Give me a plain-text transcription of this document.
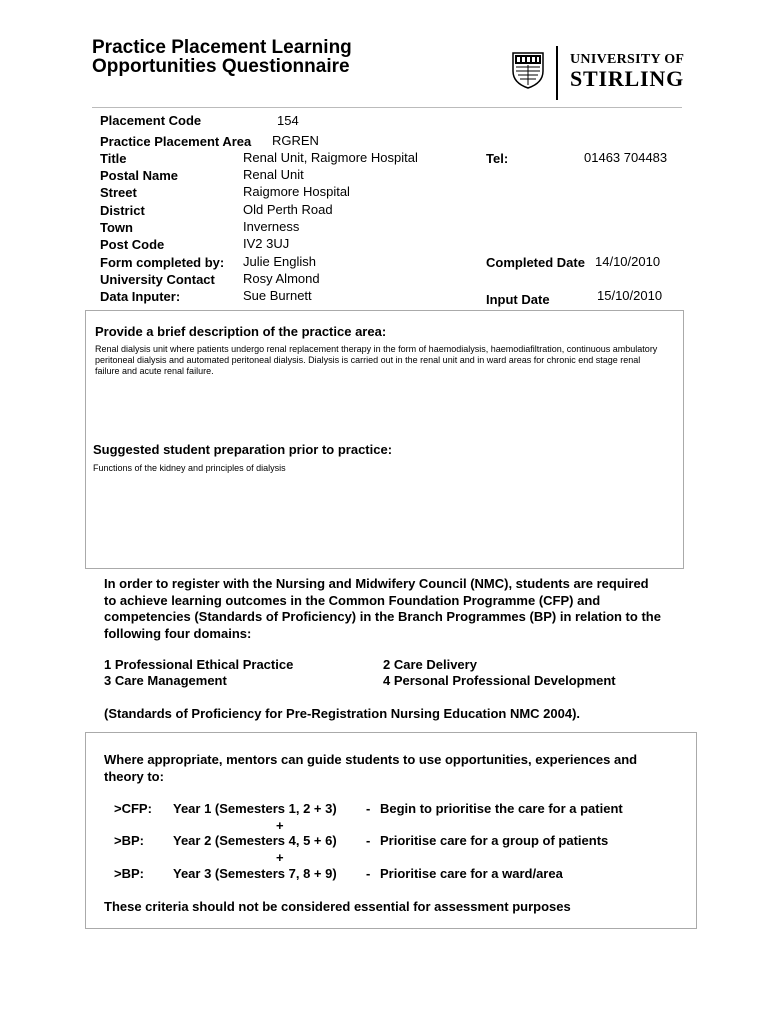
Practice Placement Learning
Opportunities Questionnaire	UNIVERSITY OF
STIRLING
Placement Code	154
Practice Placement Area RGREN
Title	Renal Unit, Raigmore Hospital	Tel:	01463 704483
Postal Name	Renal Unit
Street	Raigmore Hospital
District	Old Perth Road
Town	Inverness
Post Code	IV2 3UJ
Form completed by: Julie English	Completed Date 14/10/2010
University Contact Rosy Almond
Data Inputer:	Sue Burnett	Input Date	15/10/2010
Provide a brief description of the practice area:
Renal dialysis unit where patients undergo renal replacement therapy in the form of haemodialysis, haemodiafiltration, continuous ambulatory peritoneal dialysis and automated peritoneal dialysis. Dialysis is carried out in the renal unit and in ward areas for chronic end stage renal failure and acute renal failure.
Suggested student preparation prior to practice:
Functions of the kidney and principles of dialysis
In order to register with the Nursing and Midwifery Council (NMC), students are required to achieve learning outcomes in the Common Foundation Programme (CFP) and competencies (Standards of Proficiency) in the Branch Programmes (BP) in relation to the following four domains:
1 Professional Ethical Practice	2 Care Delivery
3 Care Management	4 Personal Professional Development
(Standards of Proficiency for Pre-Registration Nursing Education NMC 2004).
Where appropriate, mentors can guide students to use opportunities, experiences and theory to:
>CFP: Year 1 (Semesters 1, 2 + 3) - Begin to prioritise the care for a patient
+
>BP: Year 2 (Semesters 4, 5 + 6) - Prioritise care for a group of patients
+
>BP: Year 3 (Semesters 7, 8 + 9) - Prioritise care for a ward/area
These criteria should not be considered essential for assessment purposes
